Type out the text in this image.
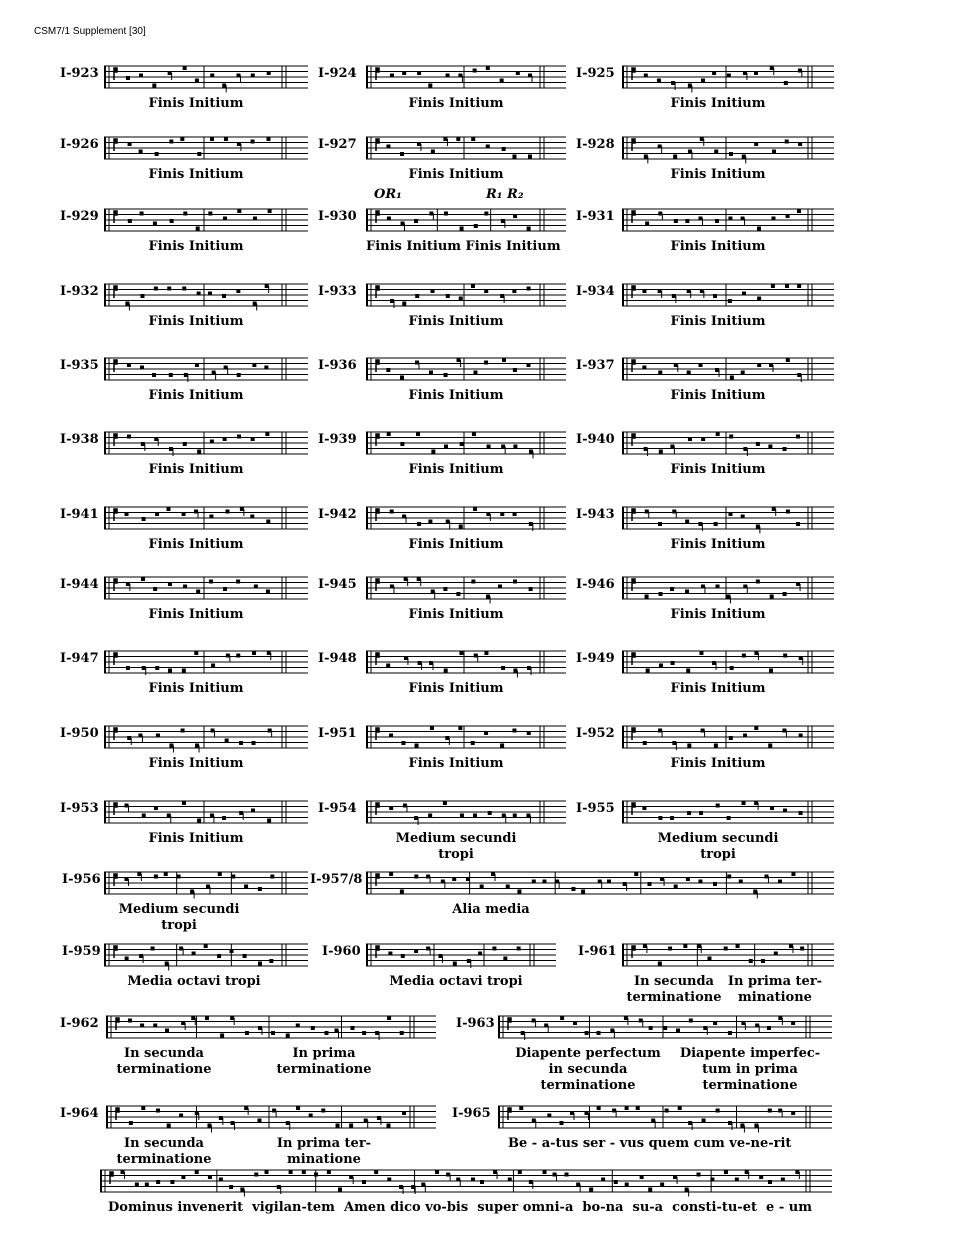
CSM7/1 Supplement [30]
I-923
Finis Initium
I-924
Finis Initium
I-925
Finis Initium
I-926
Finis Initium
I-927
Finis Initium
I-928
Finis Initium
I-929
Finis Initium
I-930
OR₁	R₁ R₂
Finis Initium Finis Initium
I-931
Finis Initium
I-932
Finis Initium
I-933
Finis Initium
I-934
Finis Initium
I-935
Finis Initium
I-936
Finis Initium
I-937
Finis Initium
I-938
Finis Initium
I-939
Finis Initium
I-940
Finis Initium
I-941
Finis Initium
I-942
Finis Initium
I-943
Finis Initium
I-944
Finis Initium
I-945
Finis Initium
I-946
Finis Initium
I-947
Finis Initium
I-948
Finis Initium
I-949
Finis Initium
I-950
Finis Initium
I-951
Finis Initium
I-952
Finis Initium
I-953
Finis Initium
I-954
Medium secundi
tropi
I-955
Medium secundi
tropi
I-956
Medium secundi
tropi
I-957/8
Alia media
I-959
Media octavi tropi
I-960
Media octavi tropi
I-961
In secunda
terminatione
In prima ter-
minatione
I-962
In secunda
terminatione
In prima
terminatione
I-963
Diapente perfectum
in secunda
terminatione
Diapente imperfec-
tum in prima
terminatione
I-964
In secunda
terminatione
In prima ter-
minatione
I-965
Be - a-tus ser - vus quem cum ve-ne-rit
Dominus invenerit  vigilan-tem  Amen dico vo-bis  super omni-a  bo-na  su-a  consti-tu-et  e - um
